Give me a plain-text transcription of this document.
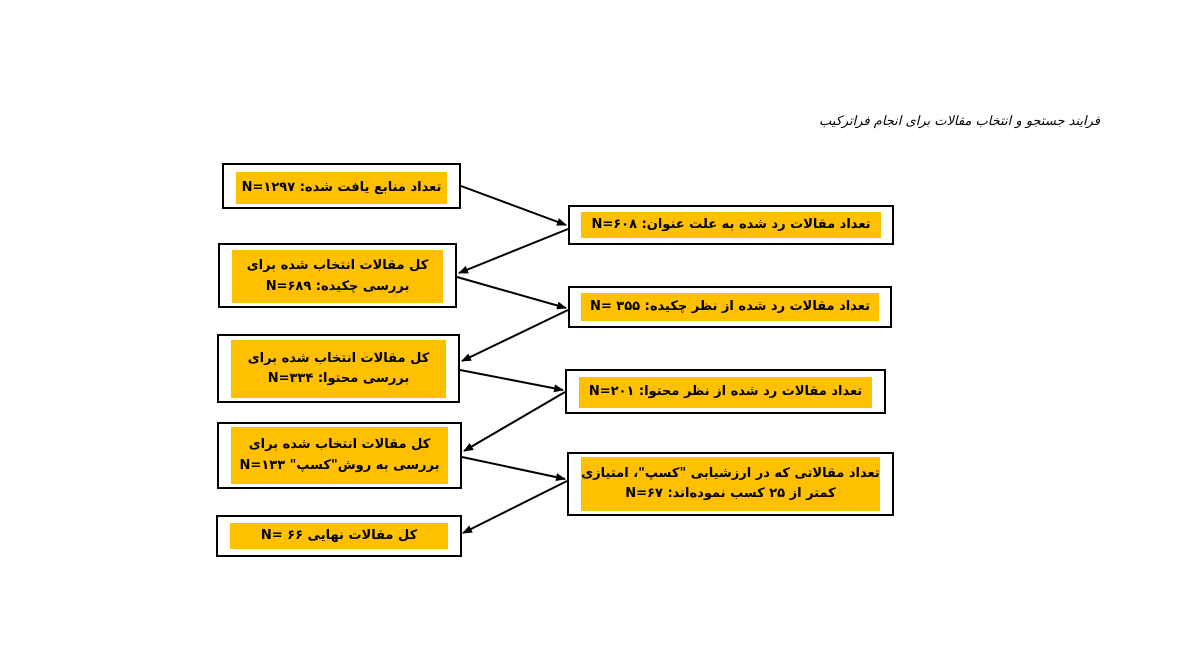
فرایند جستجو و انتخاب مقالات برای انجام فراترکیب
تعداد منابع یافت شده: N=۱۲۹۷
کل مقالات انتخاب شده برای
بررسی چکیده: N=۶۸۹
کل مقالات انتخاب شده برای
بررسی محتوا: N=۳۳۴
کل مقالات انتخاب شده برای
بررسی به روش"کسپ" N=۱۳۳
کل مقالات نهایی N= ۶۶
تعداد مقالات رد شده به علت عنوان: N=۶۰۸
تعداد مقالات رد شده از نظر چکیده: N= ۳۵۵
تعداد مقالات رد شده از نظر محتوا: N=۲۰۱
تعداد مقالاتی که در ارزشیابی "کسپ"، امتیازی
کمتر از ۲۵ کسب نموده‌اند: N=۶۷
